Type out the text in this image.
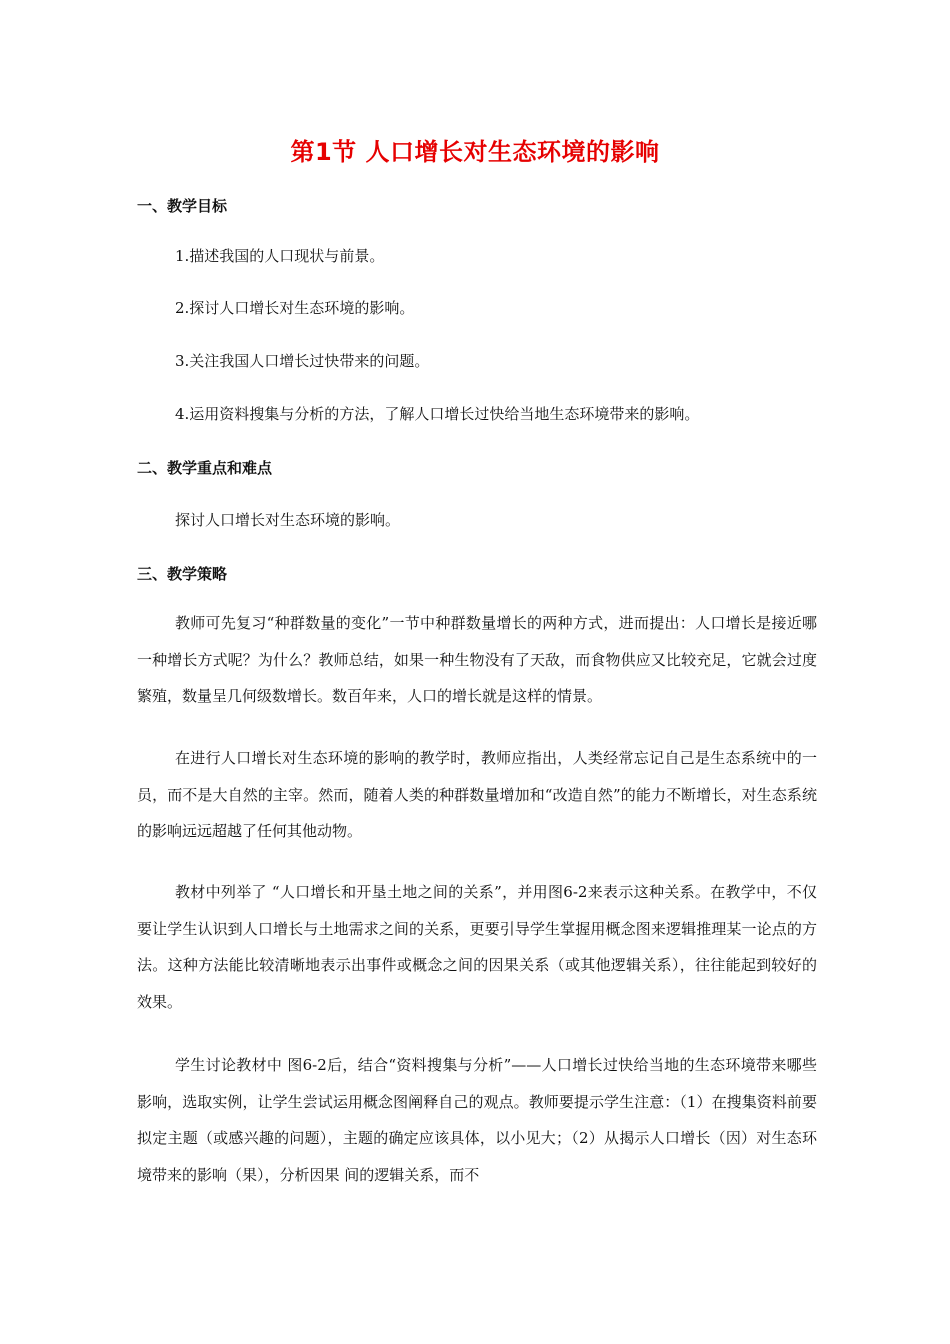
第1节 人口增长对生态环境的影响
一、教学目标
1.描述我国的人口现状与前景。
2.探讨人口增长对生态环境的影响。
3.关注我国人口增长过快带来的问题。
4.运用资料搜集与分析的方法，了解人口增长过快给当地生态环境带来的影响。
二、教学重点和难点
探讨人口增长对生态环境的影响。
三、教学策略
教师可先复习“种群数量的变化”一节中种群数量增长的两种方式，进而提出：人口增长是接近哪一种增长方式呢？为什么？教师总结，如果一种生物没有了天敌，而食物供应又比较充足，它就会过度繁殖，数量呈几何级数增长。数百年来，人口的增长就是这样的情景。
在进行人口增长对生态环境的影响的教学时，教师应指出，人类经常忘记自己是生态系统中的一员，而不是大自然的主宰。然而，随着人类的种群数量增加和“改造自然”的能力不断增长，对生态系统的影响远远超越了任何其他动物。
教材中列举了 “人口增长和开垦土地之间的关系”，并用图6-2来表示这种关系。在教学中，不仅要让学生认识到人口增长与土地需求之间的关系，更要引导学生掌握用概念图来逻辑推理某一论点的方法。这种方法能比较清晰地表示出事件或概念之间的因果关系（或其他逻辑关系），往往能起到较好的效果。
学生讨论教材中 图6-2后，结合“资料搜集与分析”——人口增长过快给当地的生态环境带来哪些影响，选取实例，让学生尝试运用概念图阐释自己的观点。教师要提示学生注意：（1）在搜集资料前要拟定主题（或感兴趣的问题），主题的确定应该具体，以小见大；（2）从揭示人口增长（因）对生态环境带来的影响（果），分析因果 间的逻辑关系，而不
